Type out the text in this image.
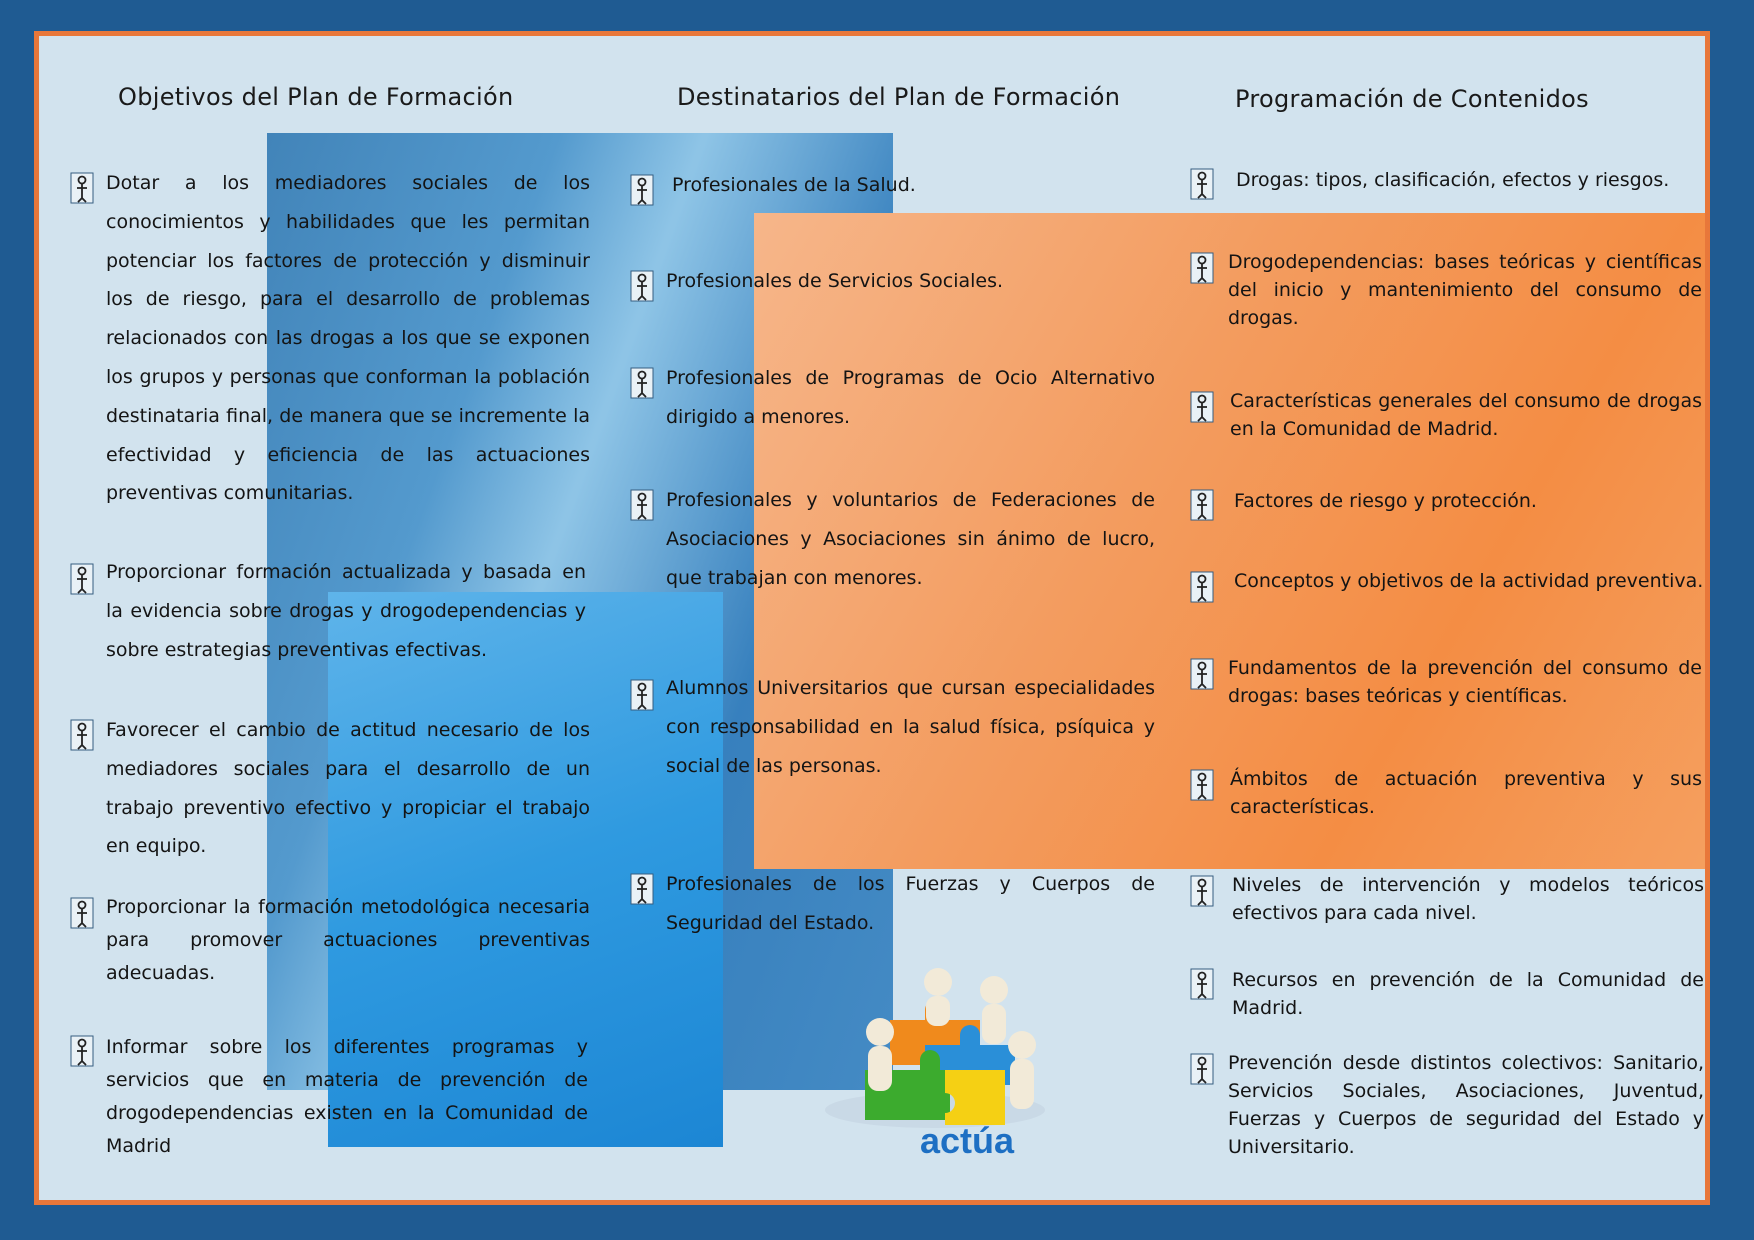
Objetivos del Plan de Formación	Destinatarios del Plan de Formación	Programación de Contenidos
Dotar a los mediadores sociales de los conocimientos y habilidades que les permitan potenciar los factores de protección y disminuir los de riesgo, para el desarrollo de problemas relacionados con las drogas a los que se exponen los grupos y personas que conforman la población destinataria final, de manera que se incremente la efectividad y eficiencia de las actuaciones preventivas comunitarias.
Proporcionar formación actualizada y basada en la evidencia sobre drogas y drogodependencias y sobre estrategias preventivas efectivas.
Favorecer el cambio de actitud necesario de los mediadores sociales para el desarrollo de un trabajo preventivo efectivo y propiciar el trabajo en equipo.
Proporcionar la formación metodológica necesaria para promover actuaciones preventivas adecuadas.
Informar sobre los diferentes programas y servicios que en materia de prevención de drogodependencias existen en la Comunidad de Madrid
Profesionales de la Salud.
Profesionales de Servicios Sociales.
Profesionales de Programas de Ocio Alternativo dirigido a menores.
Profesionales y voluntarios de Federaciones de Asociaciones y Asociaciones sin ánimo de lucro, que trabajan con menores.
Alumnos Universitarios que cursan especialidades con responsabilidad en la salud física, psíquica y social de las personas.
Profesionales de los Fuerzas y Cuerpos de Seguridad del Estado.
Drogas: tipos, clasificación, efectos y riesgos.
Drogodependencias: bases teóricas y científicas del inicio y mantenimiento del consumo de drogas.
Características generales del consumo de drogas en la Comunidad de Madrid.
Factores de riesgo y protección.
Conceptos y objetivos de la actividad preventiva.
Fundamentos de la prevención del consumo de drogas: bases teóricas y científicas.
Ámbitos de actuación preventiva y sus características.
Niveles de intervención y modelos teóricos efectivos para cada nivel.
Recursos en prevención de la Comunidad de Madrid.
Prevención desde distintos colectivos: Sanitario, Servicios Sociales, Asociaciones, Juventud, Fuerzas y Cuerpos de seguridad del Estado y Universitario.
actúa
